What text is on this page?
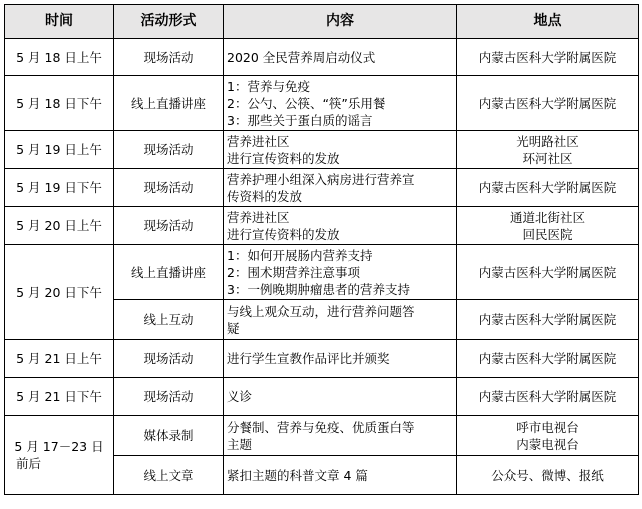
时间	活动形式	内容	地点
5 月 18 日上午	现场活动	2020 全民营养周启动仪式	内蒙古医科大学附属医院

5 月 18 日下午	线上直播讲座	1：营养与免疫
2：公勺、公筷、“筷”乐用餐
3：那些关于蛋白质的谣言	内蒙古医科大学附属医院

5 月 19 日上午	现场活动	营养进社区
进行宣传资料的发放	光明路社区
环河社区

5 月 19 日下午	现场活动	营养护理小组深入病房进行营养宣
传资料的发放	内蒙古医科大学附属医院

5 月 20 日上午	现场活动	营养进社区
进行宣传资料的发放	通道北街社区
回民医院

5 月 20 日下午	线上直播讲座	1：如何开展肠内营养支持
2：围术期营养注意事项
3：一例晚期肿瘤患者的营养支持	内蒙古医科大学附属医院

	线上互动	与线上观众互动，进行营养问题答
疑	内蒙古医科大学附属医院

5 月 21 日上午	现场活动	进行学生宣教作品评比并颁奖	内蒙古医科大学附属医院

5 月 21 日下午	现场活动	义诊	内蒙古医科大学附属医院

5 月 17－23 日
前后	媒体录制	分餐制、营养与免疫、优质蛋白等
主题	呼市电视台
内蒙电视台

	线上文章	紧扣主题的科普文章 4 篇	公众号、微博、报纸
